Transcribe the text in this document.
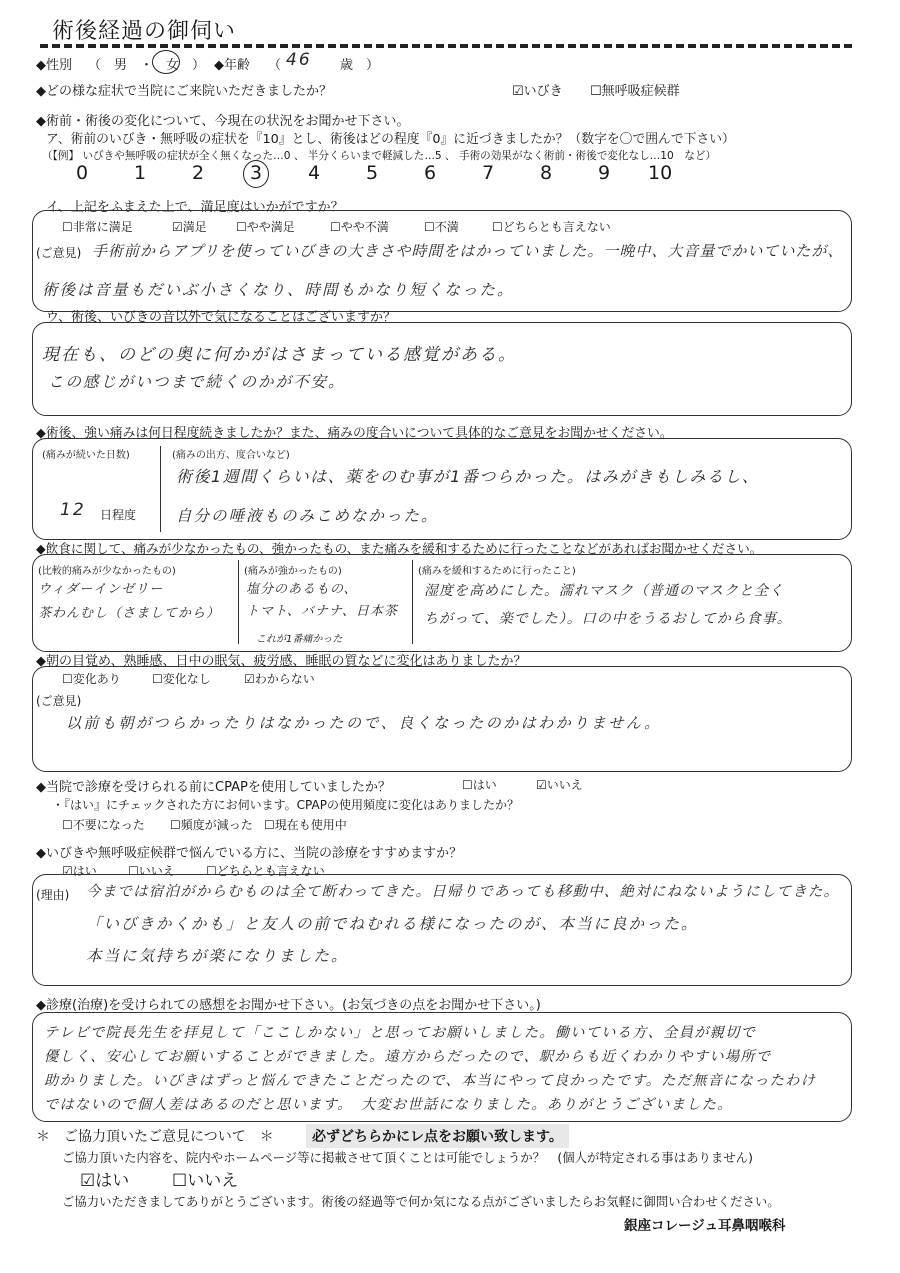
術後経過の御伺い
◆性別 （　男　・　女　） ◆年齢 （ 46 歳　）
◆どの様な症状で当院にご来院いただきましたか？	☑いびき ☐無呼吸症候群
◆術前・術後の変化について、今現在の状況をお聞かせ下さい。
ア、術前のいびき・無呼吸の症状を『10』とし、術後はどの程度『0』に近づきましたか？（数字を〇で囲んで下さい）
（【例】 いびきや無呼吸の症状が全く無くなった…0 、 半分くらいまで軽減した…5 、 手術の効果がなく術前・術後で変化なし…10　など）
0 1 2 3 4 5 6 7 8 9 10
イ、上記をふまえた上で、満足度はいかがですか？
☐非常に満足	☑満足 ☐やや満足	☐やや不満	☐不満	☐どちらとも言えない
(ご意見) 手術前からアプリを使っていびきの大きさや時間をはかっていました。一晩中、大音量でかいていたが、
術後は音量もだいぶ小さくなり、時間もかなり短くなった。
ウ、術後、いびきの音以外で気になることはございますか？
現在も、のどの奥に何かがはさまっている感覚がある。
この感じがいつまで続くのかが不安。
◆術後、強い痛みは何日程度続きましたか？また、痛みの度合いについて具体的なご意見をお聞かせください。
(痛みが続いた日数)
12 日程度
(痛みの出方、度合いなど)
術後1週間くらいは、薬をのむ事が1番つらかった。はみがきもしみるし、
自分の唾液ものみこめなかった。
◆飲食に関して、痛みが少なかったもの、強かったもの、また痛みを緩和するために行ったことなどがあればお聞かせください。
(比較的痛みが少なかったもの)
ウィダーインゼリー
茶わんむし（さましてから）
(痛みが強かったもの)
塩分のあるもの、
トマト、バナナ、日本茶
これが1番痛かった
(痛みを緩和するために行ったこと)
湿度を高めにした。濡れマスク（普通のマスクと全く
ちがって、楽でした）。口の中をうるおしてから食事。
◆朝の目覚め、熟睡感、日中の眠気、疲労感、睡眠の質などに変化はありましたか？
☐変化あり	☐変化なし	☑わからない
(ご意見)
以前も朝がつらかったりはなかったので、良くなったのかはわかりません。
◆当院で診療を受けられる前にCPAPを使用していましたか？	☐はい	☑いいえ
・『はい』にチェックされた方にお伺います。CPAPの使用頻度に変化はありましたか？
☐不要になった ☐頻度が減った ☐現在も使用中
◆いびきや無呼吸症候群で悩んでいる方に、当院の診療をすすめますか？
☑はい	☐いいえ	☐どちらとも言えない
(理由) 今までは宿泊がからむものは全て断わってきた。日帰りであっても移動中、絶対にねないようにしてきた。
「いびきかくかも」と友人の前でねむれる様になったのが、本当に良かった。
本当に気持ちが楽になりました。
◆診療(治療)を受けられての感想をお聞かせ下さい。(お気づきの点をお聞かせ下さい。)
テレビで院長先生を拝見して「ここしかない」と思ってお願いしました。働いている方、全員が親切で
優しく、安心してお願いすることができました。遠方からだったので、駅からも近くわかりやすい場所で
助かりました。いびきはずっと悩んできたことだったので、本当にやって良かったです。ただ無音になったわけ
ではないので個人差はあるのだと思います。　大変お世話になりました。ありがとうございました。
＊　ご協力頂いたご意見について　＊	必ずどちらかにレ点をお願い致します。
ご協力頂いた内容を、院内やホームページ等に掲載させて頂くことは可能でしょうか？　(個人が特定される事はありません)
☑はい	☐いいえ
ご協力いただきましてありがとうございます。術後の経過等で何か気になる点がございましたらお気軽に御問い合わせください。
銀座コレージュ耳鼻咽喉科
